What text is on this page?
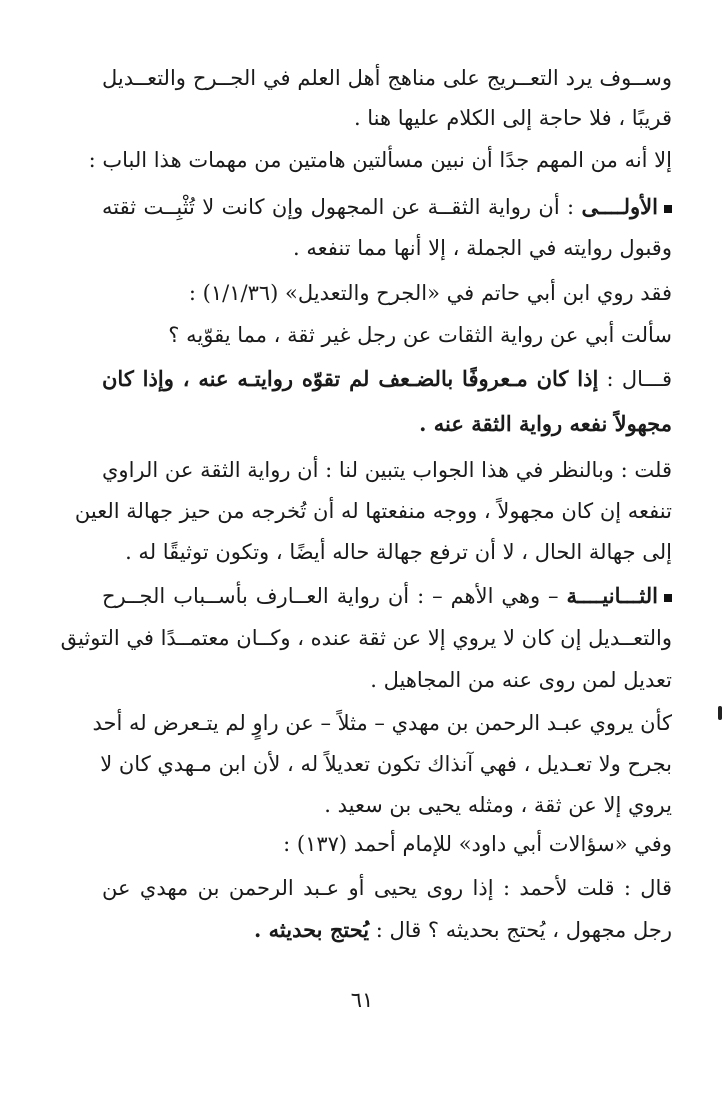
وســوف يرد التعــريج على مناهج أهل العلم في الجــرح والتعــديل
قريبًا ، فلا حاجة إلى الكلام عليها هنا .
إلا أنه من المهم جدًا أن نبين مسألتين هامتين من مهمات هذا الباب :
الأولــــى : أن رواية الثقــة عن المجهول وإن كانت لا تُثْبِــت ثقته
وقبول روايته في الجملة ، إلا أنها مما تنفعه .
فقد روي ابن أبي حاتم في «الجرح والتعديل» (١/١/٣٦) :
سألت أبي عن رواية الثقات عن رجل غير ثقة ، مما يقوّيه ؟
قـــال : إذا كان مـعروفًا بالضـعف لم تقوّه روايتـه عنه ، وإذا كان
مجهولاً نفعه رواية الثقة عنه .
قلت : وبالنظر في هذا الجواب يتبين لنا : أن رواية الثقة عن الراوي
تنفعه إن كان مجهولاً ، ووجه منفعتها له أن تُخرجه من حيز جهالة العين
إلى جهالة الحال ، لا أن ترفع جهالة حاله أيضًا ، وتكون توثيقًا له .
الثـــانيــــة – وهي الأهم – : أن رواية العــارف بأســباب الجــرح
والتعــديل إن كان لا يروي إلا عن ثقة عنده ، وكــان معتمــدًا في التوثيق
تعديل لمن روى عنه من المجاهيل .
كأن يروي عبـد الرحمن بن مهدي – مثلاً – عن راوٍ لم يتـعرض له أحد
بجرح ولا تعـديل ، فهي آنذاك تكون تعديلاً له ، لأن ابن مـهدي كان لا
يروي إلا عن ثقة ، ومثله يحيى بن سعيد .
وفي «سؤالات أبي داود» للإمام أحمد (١٣٧) :
قال : قلت لأحمد : إذا روى يحيى أو عـبد الرحمن بن مهدي عن
رجل مجهول ، يُحتج بحديثه ؟ قال : يُحتج بحديثه .
٦١
